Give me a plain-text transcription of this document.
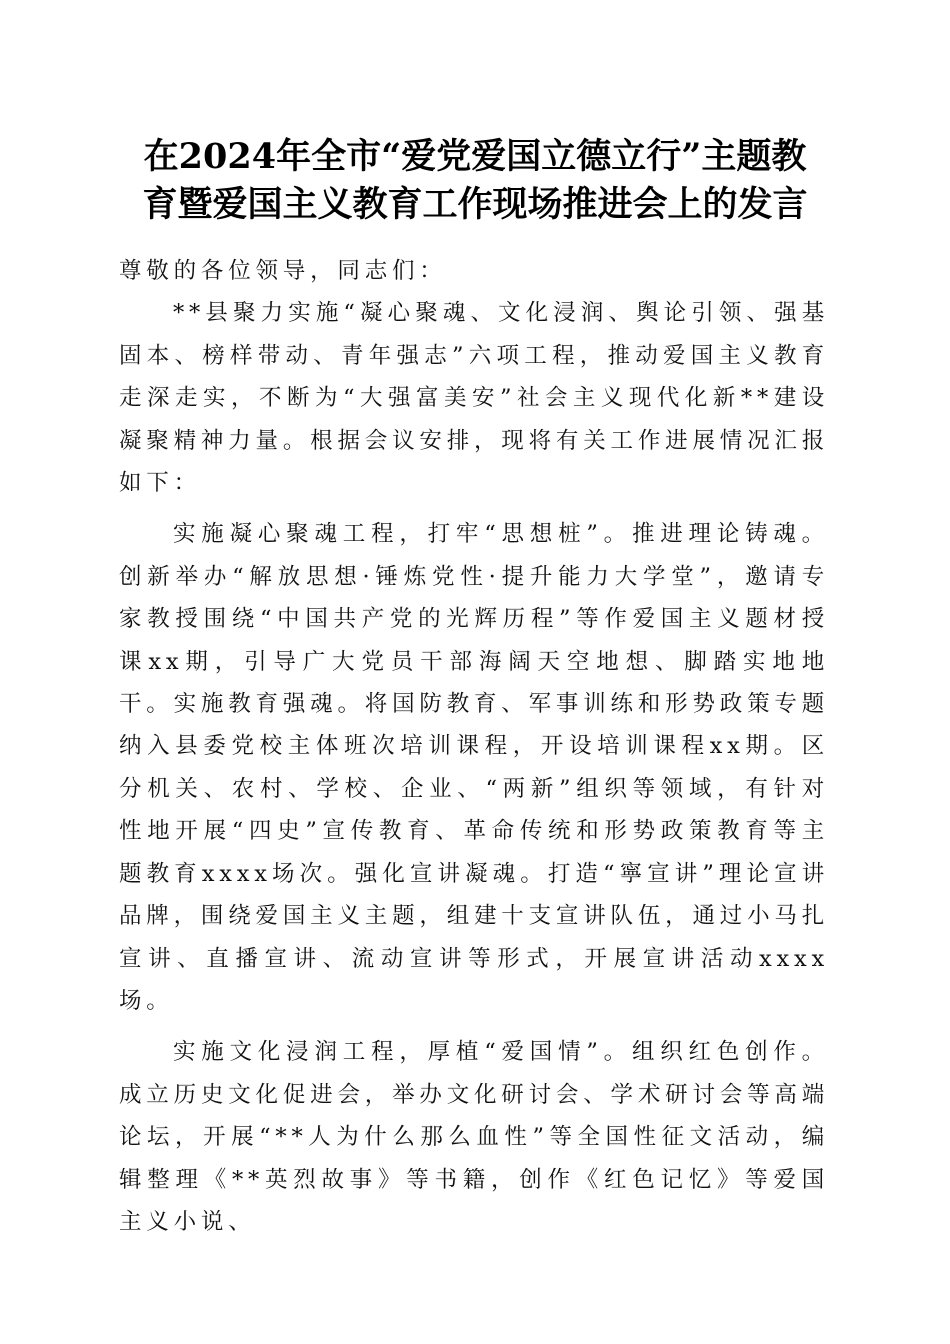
在2024年全市“爱党爱国立德立行”主题教
育暨爱国主义教育工作现场推进会上的发言

尊敬的各位领导，同志们：

**县聚力实施“凝心聚魂、文化浸润、舆论引领、强基固本、榜样带动、青年强志”六项工程，推动爱国主义教育走深走实，不断为“大强富美安”社会主义现代化新**建设凝聚精神力量。根据会议安排，现将有关工作进展情况汇报如下：

实施凝心聚魂工程，打牢“思想桩”。推进理论铸魂。创新举办“解放思想·锤炼党性·提升能力大学堂”，邀请专家教授围绕“中国共产党的光辉历程”等作爱国主义题材授课xx期，引导广大党员干部海阔天空地想、脚踏实地地干。实施教育强魂。将国防教育、军事训练和形势政策专题纳入县委党校主体班次培训课程，开设培训课程xx期。区分机关、农村、学校、企业、“两新”组织等领域，有针对性地开展“四史”宣传教育、革命传统和形势政策教育等主题教育xxxx场次。强化宣讲凝魂。打造“寧宣讲”理论宣讲品牌，围绕爱国主义主题，组建十支宣讲队伍，通过小马扎宣讲、直播宣讲、流动宣讲等形式，开展宣讲活动xxxx场。

实施文化浸润工程，厚植“爱国情”。组织红色创作。成立历史文化促进会，举办文化研讨会、学术研讨会等高端论坛，开展“**人为什么那么血性”等全国性征文活动，编辑整理《**英烈故事》等书籍，创作《红色记忆》等爱国主义小说、
